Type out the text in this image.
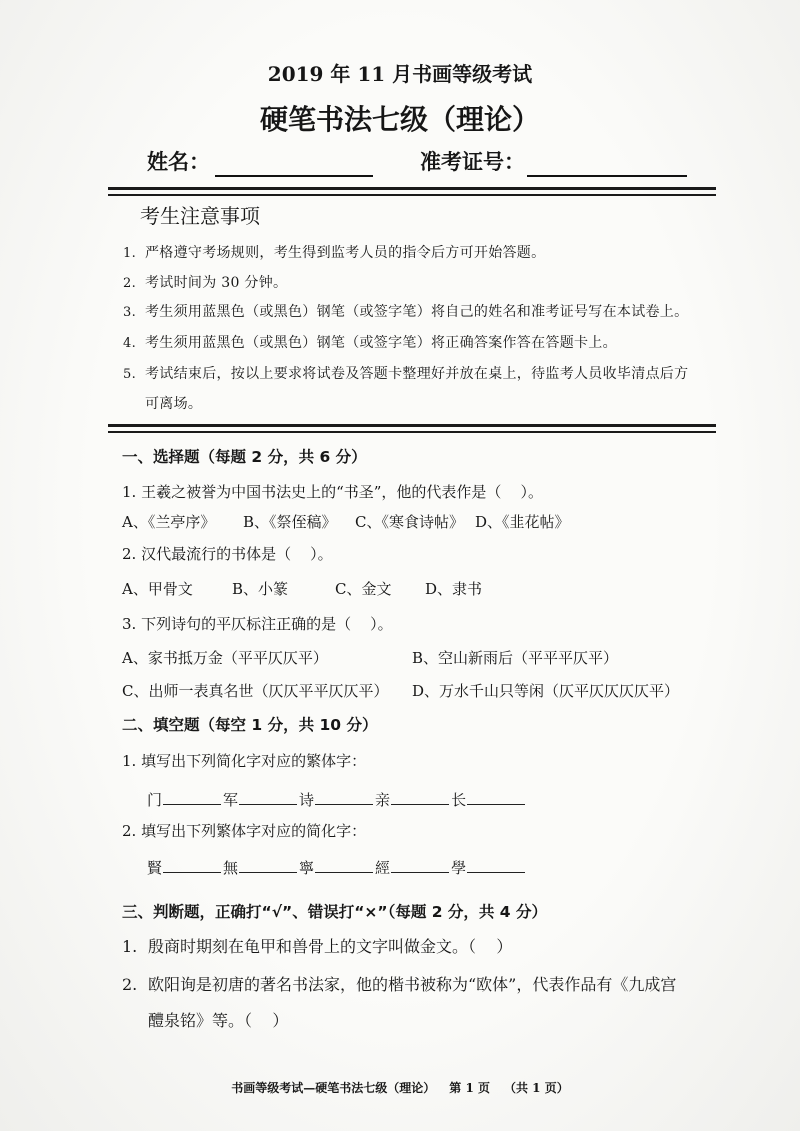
2019 年 11 月书画等级考试
硬笔书法七级（理论）
姓名：	准考证号：
考生注意事项
1. 严格遵守考场规则，考生得到监考人员的指令后方可开始答题。
2. 考试时间为 30 分钟。
3. 考生须用蓝黑色（或黑色）钢笔（或签字笔）将自己的姓名和准考证号写在本试卷上。
4. 考生须用蓝黑色（或黑色）钢笔（或签字笔）将正确答案作答在答题卡上。
5. 考试结束后，按以上要求将试卷及答题卡整理好并放在桌上，待监考人员收毕清点后方
可离场。
一、选择题（每题 2 分，共 6 分）
1. 王羲之被誉为中国书法史上的“书圣”，他的代表作是（    ）。
A、《兰亭序》 B、《祭侄稿》 C、《寒食诗帖》 D、《韭花帖》
2. 汉代最流行的书体是（    ）。
A、甲骨文	B、小篆	C、金文 D、隶书
3. 下列诗句的平仄标注正确的是（    ）。
A、家书抵万金（平平仄仄平）	B、空山新雨后（平平平仄平）
C、出师一表真名世（仄仄平平仄仄平） D、万水千山只等闲（仄平仄仄仄仄平）
二、填空题（每空 1 分，共 10 分）
1. 填写出下列简化字对应的繁体字：
门	军	诗	亲	长
2. 填写出下列繁体字对应的简化字：
賢	無	寧	經	學
三、判断题，正确打“√”、错误打“×”（每题 2 分，共 4 分）
1. 殷商时期刻在龟甲和兽骨上的文字叫做金文。（    ）
2. 欧阳询是初唐的著名书法家，他的楷书被称为“欧体”，代表作品有《九成宫
醴泉铭》等。（    ）
书画等级考试—硬笔书法七级（理论） 第 1 页 （共 1 页）
